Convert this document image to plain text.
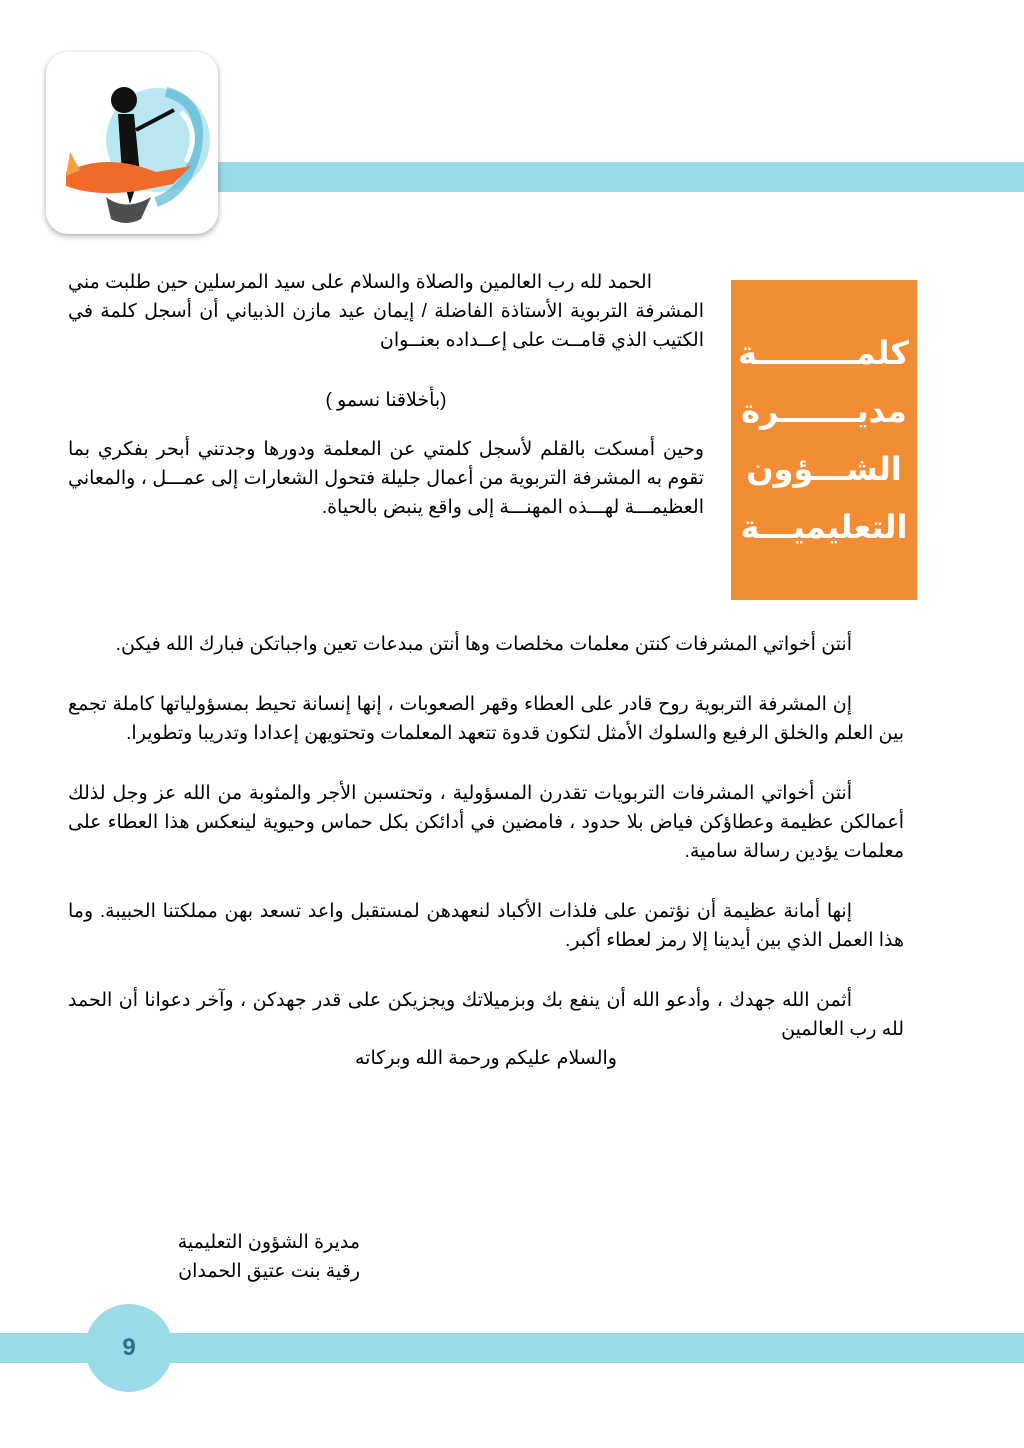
كلمـــــــــة
مديـــــــرة
الشـــؤون
التعليميـــة

الحمد لله رب العالمين والصلاة والسلام على سيد المرسلين حين طلبت مني المشرفة التربوية الأستاذة الفاضلة / إيمان عيد مازن الذبياني أن أسجل كلمة في الكتيب الذي قامــت على إعــداده بعنــوان

(بأخلاقنا نسمو )

وحين أمسكت بالقلم لأسجل كلمتي عن المعلمة ودورها وجدتني أبحر بفكري بما تقوم به المشرفة التربوية من أعمال جليلة فتحول الشعارات إلى عمـــل ، والمعاني العظيمـــة لهـــذه المهنـــة إلى واقع ينبض بالحياة.

أنتن أخواتي المشرفات كنتن معلمات مخلصات وها أنتن مبدعات تعين واجباتكن فبارك الله فيكن.

إن المشرفة التربوية روح قادر على العطاء وقهر الصعوبات ، إنها إنسانة تحيط بمسؤولياتها كاملة تجمع بين العلم والخلق الرفيع والسلوك الأمثل لتكون قدوة تتعهد المعلمات وتحتويهن إعدادا وتدريبا وتطويرا.

أنتن أخواتي المشرفات التربويات تقدرن المسؤولية ، وتحتسبن الأجر والمثوبة من الله عز وجل لذلك أعمالكن عظيمة وعطاؤكن فياض بلا حدود ، فامضين في أدائكن بكل حماس وحيوية لينعكس هذا العطاء على معلمات يؤدين رسالة سامية.

إنها أمانة عظيمة أن نؤتمن على فلذات الأكباد لنعهدهن لمستقبل واعد تسعد بهن مملكتنا الحبيبة. وما هذا العمل الذي بين أيدينا إلا رمز لعطاء أكبر.

أثمن الله جهدك ، وأدعو الله أن ينفع بك وبزميلاتك ويجزيكن على قدر جهدكن ، وآخر دعوانا أن الحمد لله رب العالمين

والسلام عليكم ورحمة الله وبركاته

مديرة الشؤون التعليمية
رقية بنت عتيق الحمدان
9
